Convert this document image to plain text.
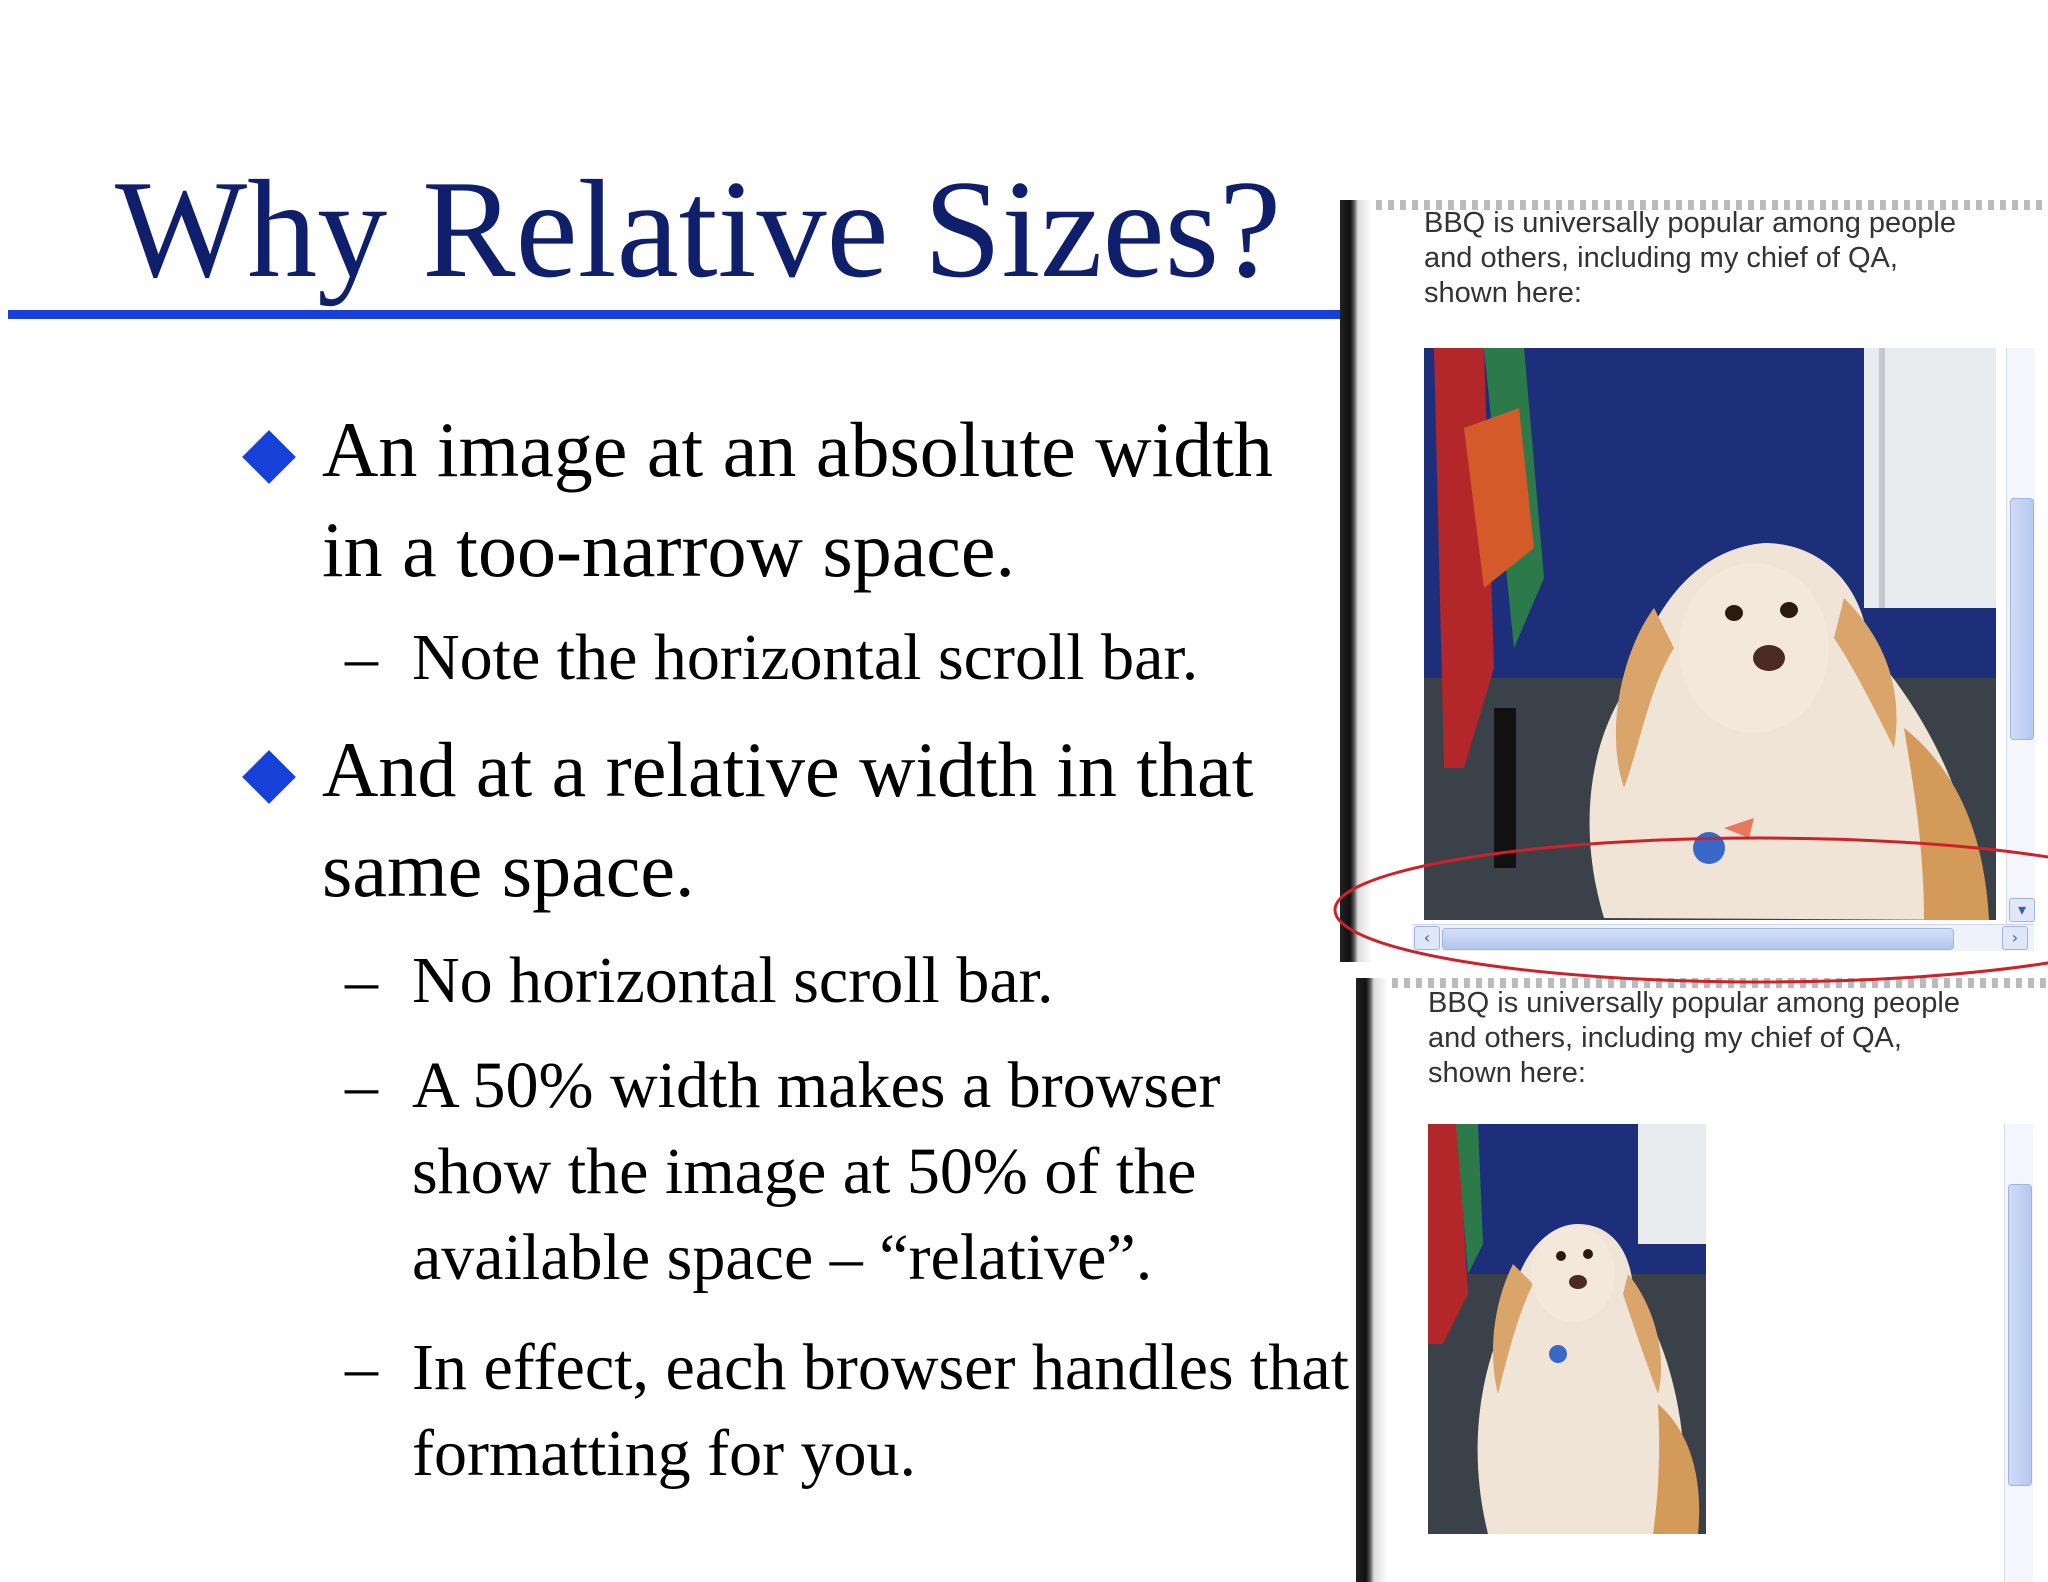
Why Relative Sizes?
An image at an absolute width in a too-narrow space.
– Note the horizontal scroll bar.
And at a relative width in that same space.
– No horizontal scroll bar.
– A 50% width makes a browser show the image at 50% of the available space – “relative”.
– In effect, each browser handles that formatting for you.
BBQ is universally popular among people
and others, including my chief of QA,
shown here:
▾
‹	›
BBQ is universally popular among people
and others, including my chief of QA,
shown here:
